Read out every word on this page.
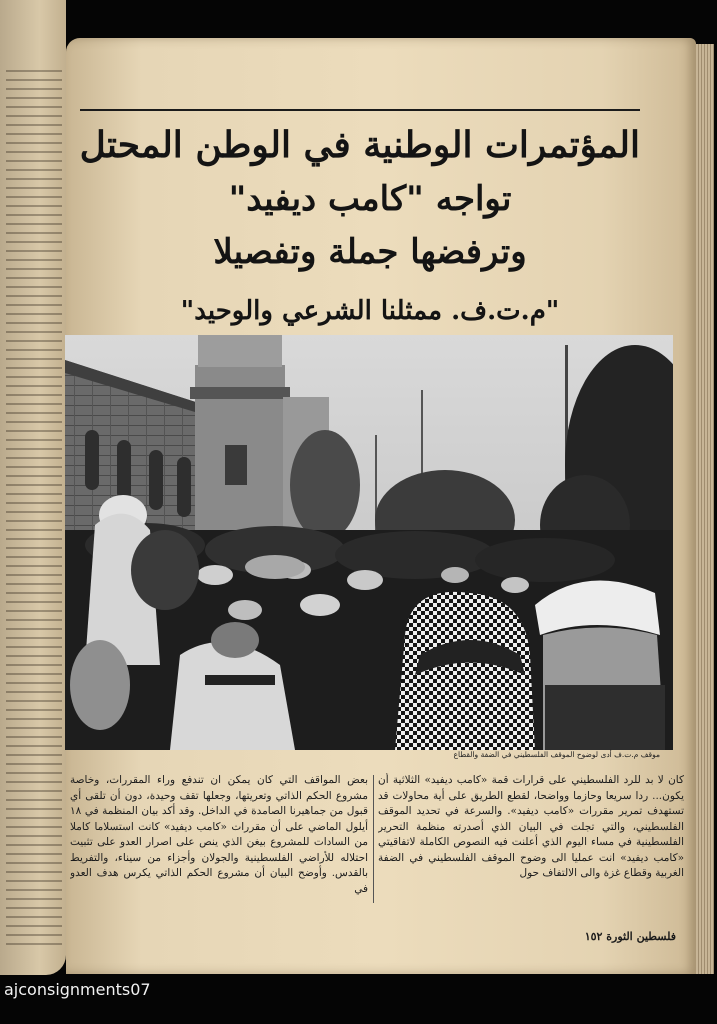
المؤتمرات الوطنية في الوطن المحتل
تواجه "كامب ديفيد"
وترفضها جملة وتفصيلا
"م.ت.ف. ممثلنا الشرعي والوحيد"

موقف م.ت.ف أدى لوضوح الموقف الفلسطيني في الضفة والقطاع

كان لا بد للرد الفلسطيني على قرارات قمة «كامب ديفيد» الثلاثية أن يكون... ردا سريعا وحازما وواضحا، لقطع الطريق على أية محاولات قد تستهدف تمرير مقررات «كامب ديفيد». والسرعة في تحديد الموقف الفلسطيني، والتي تجلت في البيان الذي أصدرته منظمة التحرير الفلسطينية في مساء اليوم الذي أعلنت فيه النصوص الكاملة لاتفاقيتي «كامب ديفيد» انت عمليا الى وضوح الموقف الفلسطيني في الضفة الغربية وقطاع غزة والى الالتفاف حول

بعض المواقف التي كان يمكن ان تندفع وراء المقررات، وخاصة مشروع الحكم الذاتي وتعريتها، وجعلها تقف وحيدة، دون أن تلقى أي قبول من جماهيرنا الصامدة في الداخل. وقد أكد بيان المنظمة في ١٨ أيلول الماضي على أن مقررات «كامب ديفيد» كانت استسلاما كاملا من السادات للمشروع بيغن الذي ينص على اصرار العدو على تثبيت احتلاله للأراضي الفلسطينية والجولان وأجزاء من سيناء، والتفريط بالقدس. وأوضح البيان أن مشروع الحكم الذاتي يكرس هدف العدو في

فلسطين الثورة ١٥٢

ajconsignments07
